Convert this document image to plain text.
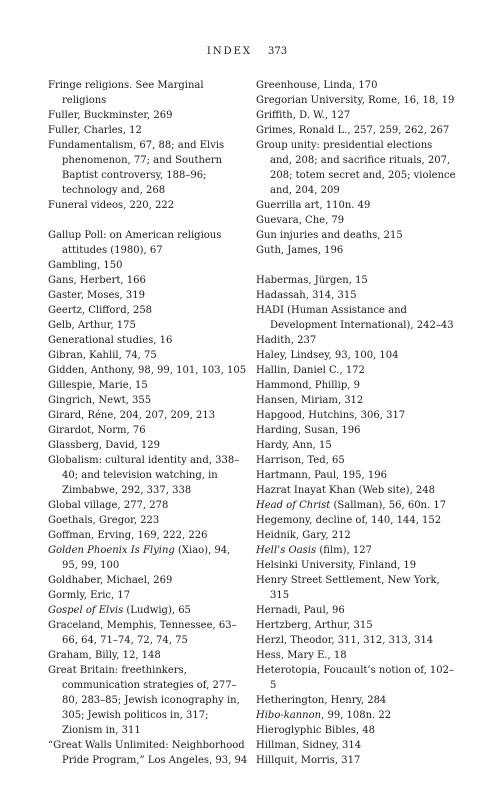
INDEX 373
Fringe religions. See Marginal religions
Fuller, Buckminster, 269
Fuller, Charles, 12
Fundamentalism, 67, 88; and Elvis phenomenon, 77; and Southern Baptist controversy, 188–96; technology and, 268
Funeral videos, 220, 222
Gallup Poll: on American religious attitudes (1980), 67
Gambling, 150
Gans, Herbert, 166
Gaster, Moses, 319
Geertz, Clifford, 258
Gelb, Arthur, 175
Generational studies, 16
Gibran, Kahlil, 74, 75
Gidden, Anthony, 98, 99, 101, 103, 105
Gillespie, Marie, 15
Gingrich, Newt, 355
Girard, Réne, 204, 207, 209, 213
Girardot, Norm, 76
Glassberg, David, 129
Globalism: cultural identity and, 338–40; and television watching, in Zimbabwe, 292, 337, 338
Global village, 277, 278
Goethals, Gregor, 223
Goffman, Erving, 169, 222, 226
Golden Phoenix Is Flying (Xiao), 94, 95, 99, 100
Goldhaber, Michael, 269
Gormly, Eric, 17
Gospel of Elvis (Ludwig), 65
Graceland, Memphis, Tennessee, 63–66, 64, 71–74, 72, 74, 75
Graham, Billy, 12, 148
Great Britain: freethinkers, communication strategies of, 277–80, 283–85; Jewish iconography in, 305; Jewish politicos in, 317; Zionism in, 311
“Great Walls Unlimited: Neighborhood Pride Program,” Los Angeles, 93, 94
Greenhouse, Linda, 170
Gregorian University, Rome, 16, 18, 19
Griffith, D. W., 127
Grimes, Ronald L., 257, 259, 262, 267
Group unity: presidential elections and, 208; and sacrifice rituals, 207, 208; totem secret and, 205; violence and, 204, 209
Guerrilla art, 110n. 49
Guevara, Che, 79
Gun injuries and deaths, 215
Guth, James, 196
Habermas, Jürgen, 15
Hadassah, 314, 315
HADI (Human Assistance and Development International), 242–43
Hadith, 237
Haley, Lindsey, 93, 100, 104
Hallin, Daniel C., 172
Hammond, Phillip, 9
Hansen, Miriam, 312
Hapgood, Hutchins, 306, 317
Harding, Susan, 196
Hardy, Ann, 15
Harrison, Ted, 65
Hartmann, Paul, 195, 196
Hazrat Inayat Khan (Web site), 248
Head of Christ (Sallman), 56, 60n. 17
Hegemony, decline of, 140, 144, 152
Heidnik, Gary, 212
Hell’s Oasis (film), 127
Helsinki University, Finland, 19
Henry Street Settlement, New York, 315
Hernadi, Paul, 96
Hertzberg, Arthur, 315
Herzl, Theodor, 311, 312, 313, 314
Hess, Mary E., 18
Heterotopia, Foucault’s notion of, 102–5
Hetherington, Henry, 284
Hibo-kannon, 99, 108n. 22
Hieroglyphic Bibles, 48
Hillman, Sidney, 314
Hillquit, Morris, 317
